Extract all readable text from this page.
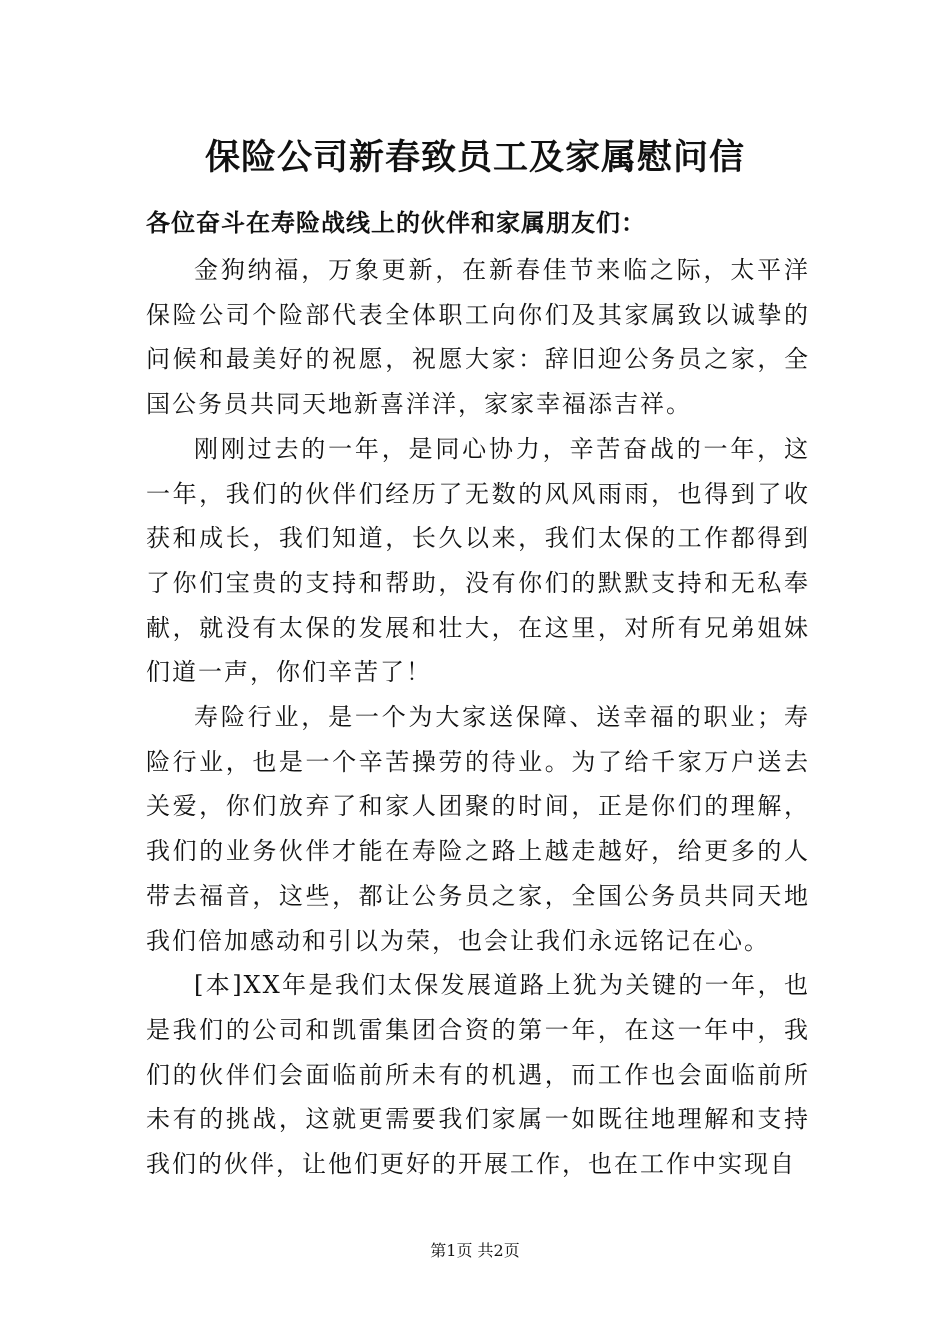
保险公司新春致员工及家属慰问信

各位奋斗在寿险战线上的伙伴和家属朋友们：

金狗纳福，万象更新，在新春佳节来临之际，太平洋保险公司个险部代表全体职工向你们及其家属致以诚挚的问候和最美好的祝愿，祝愿大家：辞旧迎公务员之家，全国公务员共同天地新喜洋洋，家家幸福添吉祥。

刚刚过去的一年，是同心协力，辛苦奋战的一年，这一年，我们的伙伴们经历了无数的风风雨雨，也得到了收获和成长，我们知道，长久以来，我们太保的工作都得到了你们宝贵的支持和帮助，没有你们的默默支持和无私奉献，就没有太保的发展和壮大，在这里，对所有兄弟姐妹们道一声，你们辛苦了！

寿险行业，是一个为大家送保障、送幸福的职业；寿险行业，也是一个辛苦操劳的待业。为了给千家万户送去关爱，你们放弃了和家人团聚的时间，正是你们的理解，我们的业务伙伴才能在寿险之路上越走越好，给更多的人带去福音，这些，都让公务员之家，全国公务员共同天地我们倍加感动和引以为荣，也会让我们永远铭记在心。

[本]XX年是我们太保发展道路上犹为关键的一年，也是我们的公司和凯雷集团合资的第一年，在这一年中，我们的伙伴们会面临前所未有的机遇，而工作也会面临前所未有的挑战，这就更需要我们家属一如既往地理解和支持我们的伙伴，让他们更好的开展工作，也在工作中实现自

第1页 共2页
